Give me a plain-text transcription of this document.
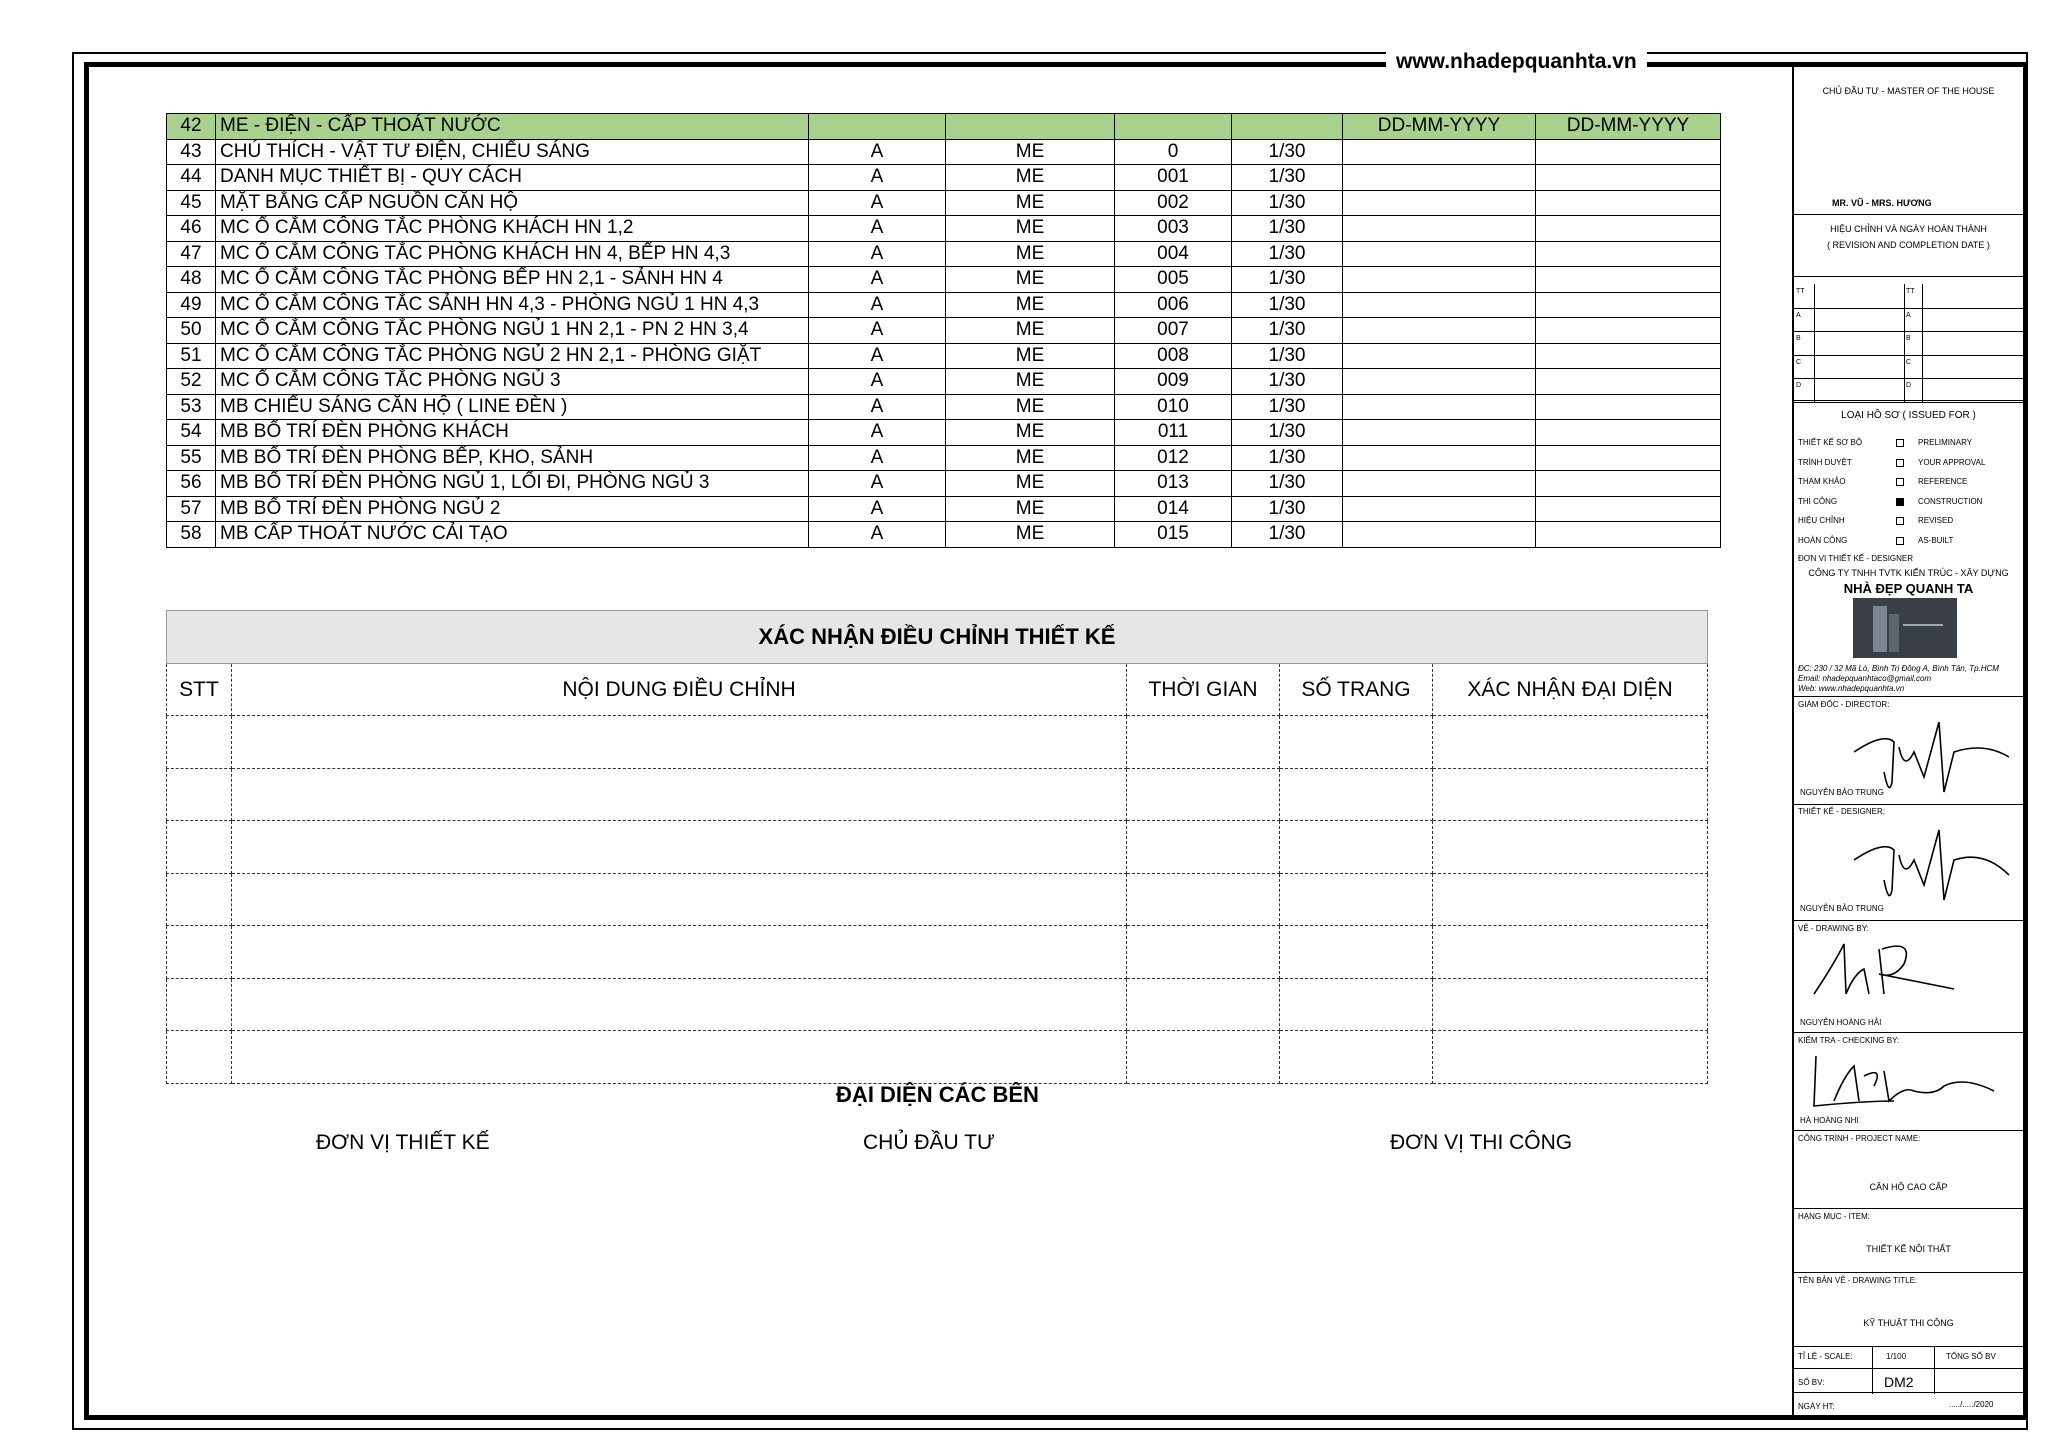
www.nhadepquanhta.vn
42	ME - ĐIỆN - CẤP THOÁT NƯỚC					DD-MM-YYYY	DD-MM-YYYY
43	CHÚ THÍCH - VẬT TƯ ĐIỆN, CHIẾU SÁNG	A	ME	0	1/30		
44	DANH MỤC THIẾT BỊ - QUY CÁCH	A	ME	001	1/30		
45	MẶT BẰNG CẤP NGUỒN CĂN HỘ	A	ME	002	1/30		
46	MC Ổ CẮM CÔNG TẮC PHÒNG KHÁCH HN 1,2	A	ME	003	1/30		
47	MC Ổ CẮM CÔNG TẮC PHÒNG KHÁCH HN 4, BẾP HN 4,3	A	ME	004	1/30		
48	MC Ổ CẮM CÔNG TẮC PHÒNG BẾP HN 2,1 - SẢNH HN 4	A	ME	005	1/30		
49	MC Ổ CẮM CÔNG TẮC SẢNH HN 4,3 - PHÒNG NGỦ 1 HN 4,3	A	ME	006	1/30		
50	MC Ổ CẮM CÔNG TẮC PHÒNG NGỦ 1 HN 2,1 - PN 2 HN 3,4	A	ME	007	1/30		
51	MC Ổ CẮM CÔNG TẮC PHÒNG NGỦ 2 HN 2,1 - PHÒNG GIẶT	A	ME	008	1/30		
52	MC Ổ CẮM CÔNG TẮC PHÒNG NGỦ 3	A	ME	009	1/30		
53	MB CHIẾU SÁNG CĂN HỘ ( LINE ĐÈN )	A	ME	010	1/30		
54	MB BỐ TRÍ ĐÈN PHÒNG KHÁCH	A	ME	011	1/30		
55	MB BỐ TRÍ ĐÈN PHÒNG BẾP, KHO, SẢNH	A	ME	012	1/30		
56	MB BỐ TRÍ ĐÈN PHÒNG NGỦ 1, LỐI ĐI, PHÒNG NGỦ 3	A	ME	013	1/30		
57	MB BỐ TRÍ ĐÈN PHÒNG NGỦ 2	A	ME	014	1/30		
58	MB CẤP THOÁT NƯỚC CẢI TẠO	A	ME	015	1/30		
XÁC NHẬN ĐIỀU CHỈNH THIẾT KẾ				
STT	NỘI DUNG ĐIỀU CHỈNH	THỜI GIAN	SỐ TRANG	XÁC NHẬN ĐẠI DIỆN

ĐẠI DIỆN CÁC BÊN
ĐƠN VỊ THIẾT KẾ	CHỦ ĐẦU TƯ	ĐƠN VỊ THI CÔNG
CHỦ ĐẦU TƯ - MASTER OF THE HOUSE
MR. VŨ - MRS. HƯƠNG
HIỆU CHỈNH VÀ NGÀY HOÀN THÀNH
( REVISION AND COMPLETION DATE )
TT	TT
A	A
B	B
C	C
D	D
LOẠI HỒ SƠ ( ISSUED FOR )
THIẾT KẾ SƠ BỘ	PRELIMINARY
TRÌNH DUYỆT	YOUR APPROVAL
THAM KHẢO	REFERENCE
THI CÔNG	CONSTRUCTION
HIỆU CHỈNH	REVISED
HOÀN CÔNG	AS-BUILT
ĐƠN VỊ THIẾT KẾ - DESIGNER
CÔNG TY TNHH TVTK KIẾN TRÚC - XÂY DỰNG
NHÀ ĐẸP QUANH TA
ĐC: 230 / 32 Mã Lò, Bình Trị Đông A, Bình Tân, Tp.HCM
Email: nhadepquanhtaco@gmail.com
Web: www.nhadepquanhta.vn
GIÁM ĐỐC - DIRECTOR:
NGUYỄN BẢO TRUNG
THIẾT KẾ - DESIGNER:
NGUYỄN BẢO TRUNG
VẼ - DRAWING BY:
NGUYỄN HOÀNG HẢI
KIỂM TRA - CHECKING BY:
HÀ HOÀNG NHI
CÔNG TRÌNH - PROJECT NAME:
CĂN HỘ CAO CẤP
HẠNG MỤC - ITEM:
THIẾT KẾ NỘI THẤT
TÊN BẢN VẼ - DRAWING TITLE:
KỸ THUẬT THI CÔNG
TỈ LỆ - SCALE:	1/100	TỔNG SỐ BV
SỐ BV:	DM2
NGÀY HT:	...../...../2020
